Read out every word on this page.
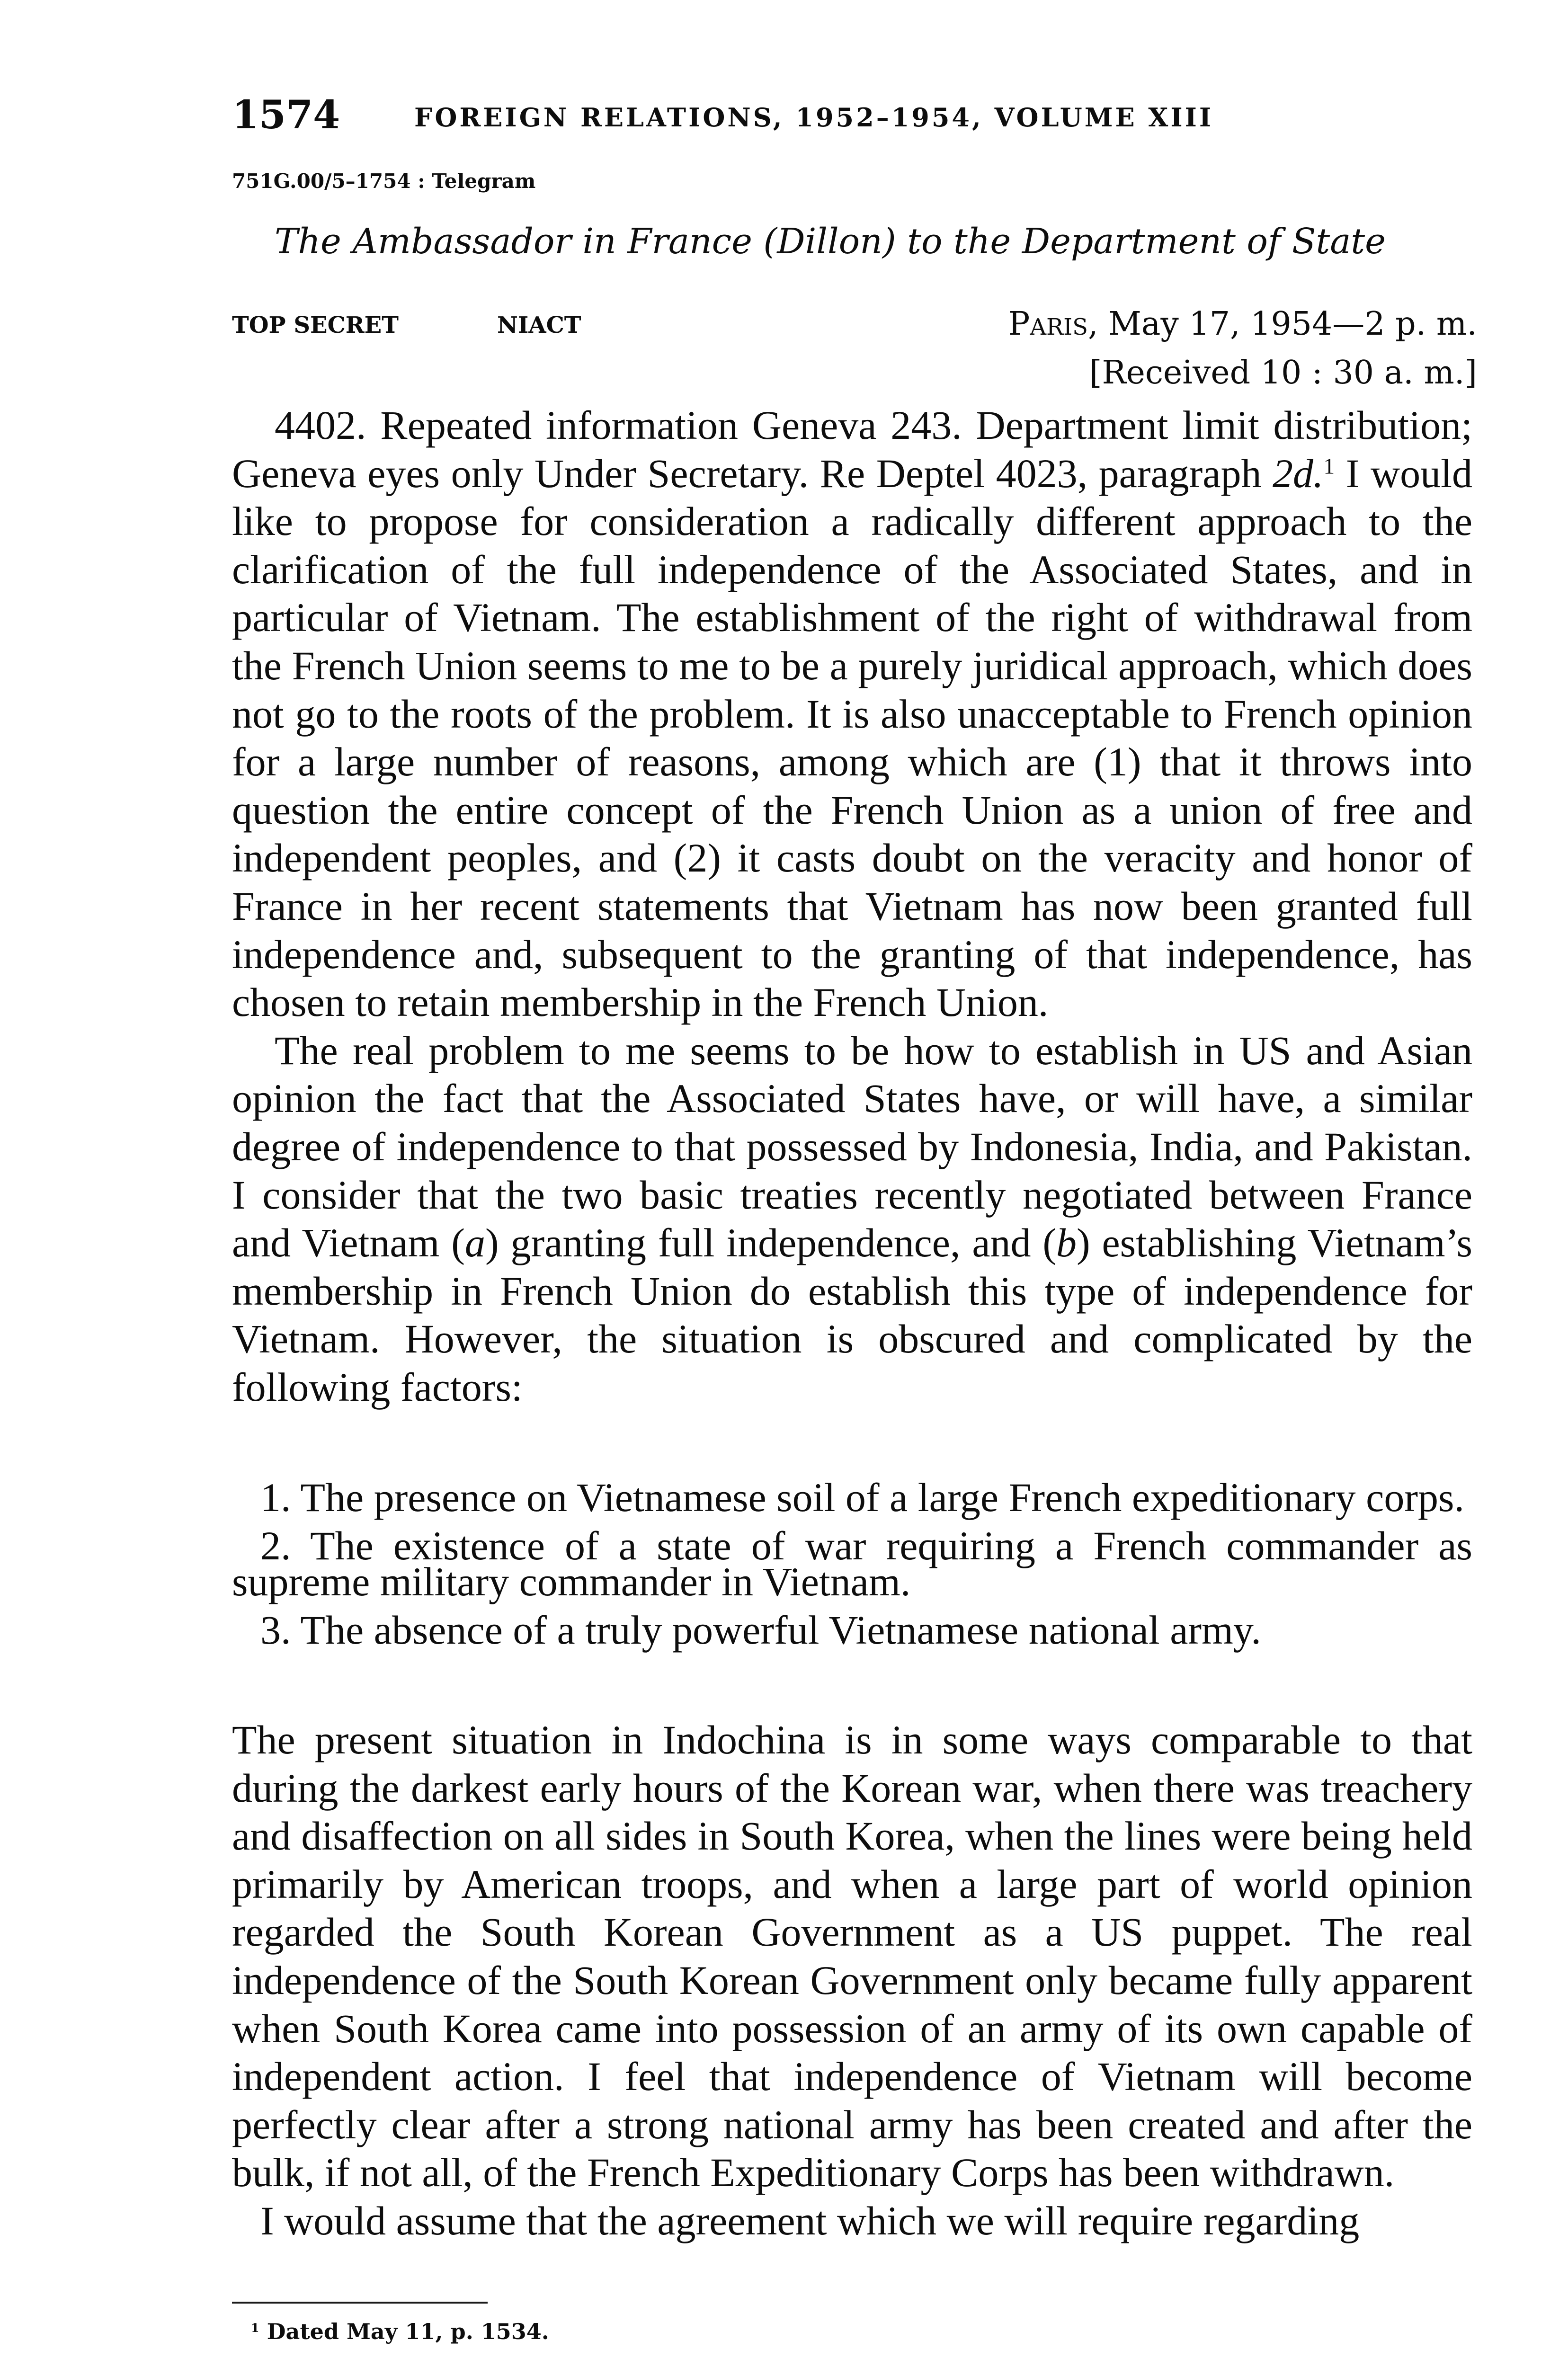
1574	FOREIGN RELATIONS, 1952–1954, VOLUME XIII
751G.00/5–1754 : Telegram
The Ambassador in France (Dillon) to the Department of State
TOP SECRET	NIACT	Paris, May 17, 1954—2 p. m.
[Received 10 : 30 a. m.]

4402. Repeated information Geneva 243. Department limit distribution; Geneva eyes only Under Secretary. Re Deptel 4023, paragraph 2d.$^1$ I would like to propose for consideration a radically different approach to the clarification of the full independence of the Associated States, and in particular of Vietnam. The establishment of the right of withdrawal from the French Union seems to me to be a purely juridical approach, which does not go to the roots of the problem. It is also unacceptable to French opinion for a large number of reasons, among which are (1) that it throws into question the entire concept of the French Union as a union of free and independent peoples, and (2) it casts doubt on the veracity and honor of France in her recent statements that Vietnam has now been granted full independence and, subsequent to the granting of that independence, has chosen to retain membership in the French Union.

The real problem to me seems to be how to establish in US and Asian opinion the fact that the Associated States have, or will have, a similar degree of independence to that possessed by Indonesia, India, and Pakistan. I consider that the two basic treaties recently negotiated between France and Vietnam (a) granting full independence, and (b) establishing Vietnam’s membership in French Union do establish this type of independence for Vietnam. However, the situation is obscured and complicated by the following factors:

1. The presence on Vietnamese soil of a large French expeditionary corps.
2. The existence of a state of war requiring a French commander as supreme military commander in Vietnam.
3. The absence of a truly powerful Vietnamese national army.

The present situation in Indochina is in some ways comparable to that during the darkest early hours of the Korean war, when there was treachery and disaffection on all sides in South Korea, when the lines were being held primarily by American troops, and when a large part of world opinion regarded the South Korean Government as a US puppet. The real independence of the South Korean Government only became fully apparent when South Korea came into possession of an army of its own capable of independent action. I feel that independence of Vietnam will become perfectly clear after a strong national army has been created and after the bulk, if not all, of the French Expeditionary Corps has been withdrawn.

I would assume that the agreement which we will require regarding

$^1$ Dated May 11, p. 1534.
